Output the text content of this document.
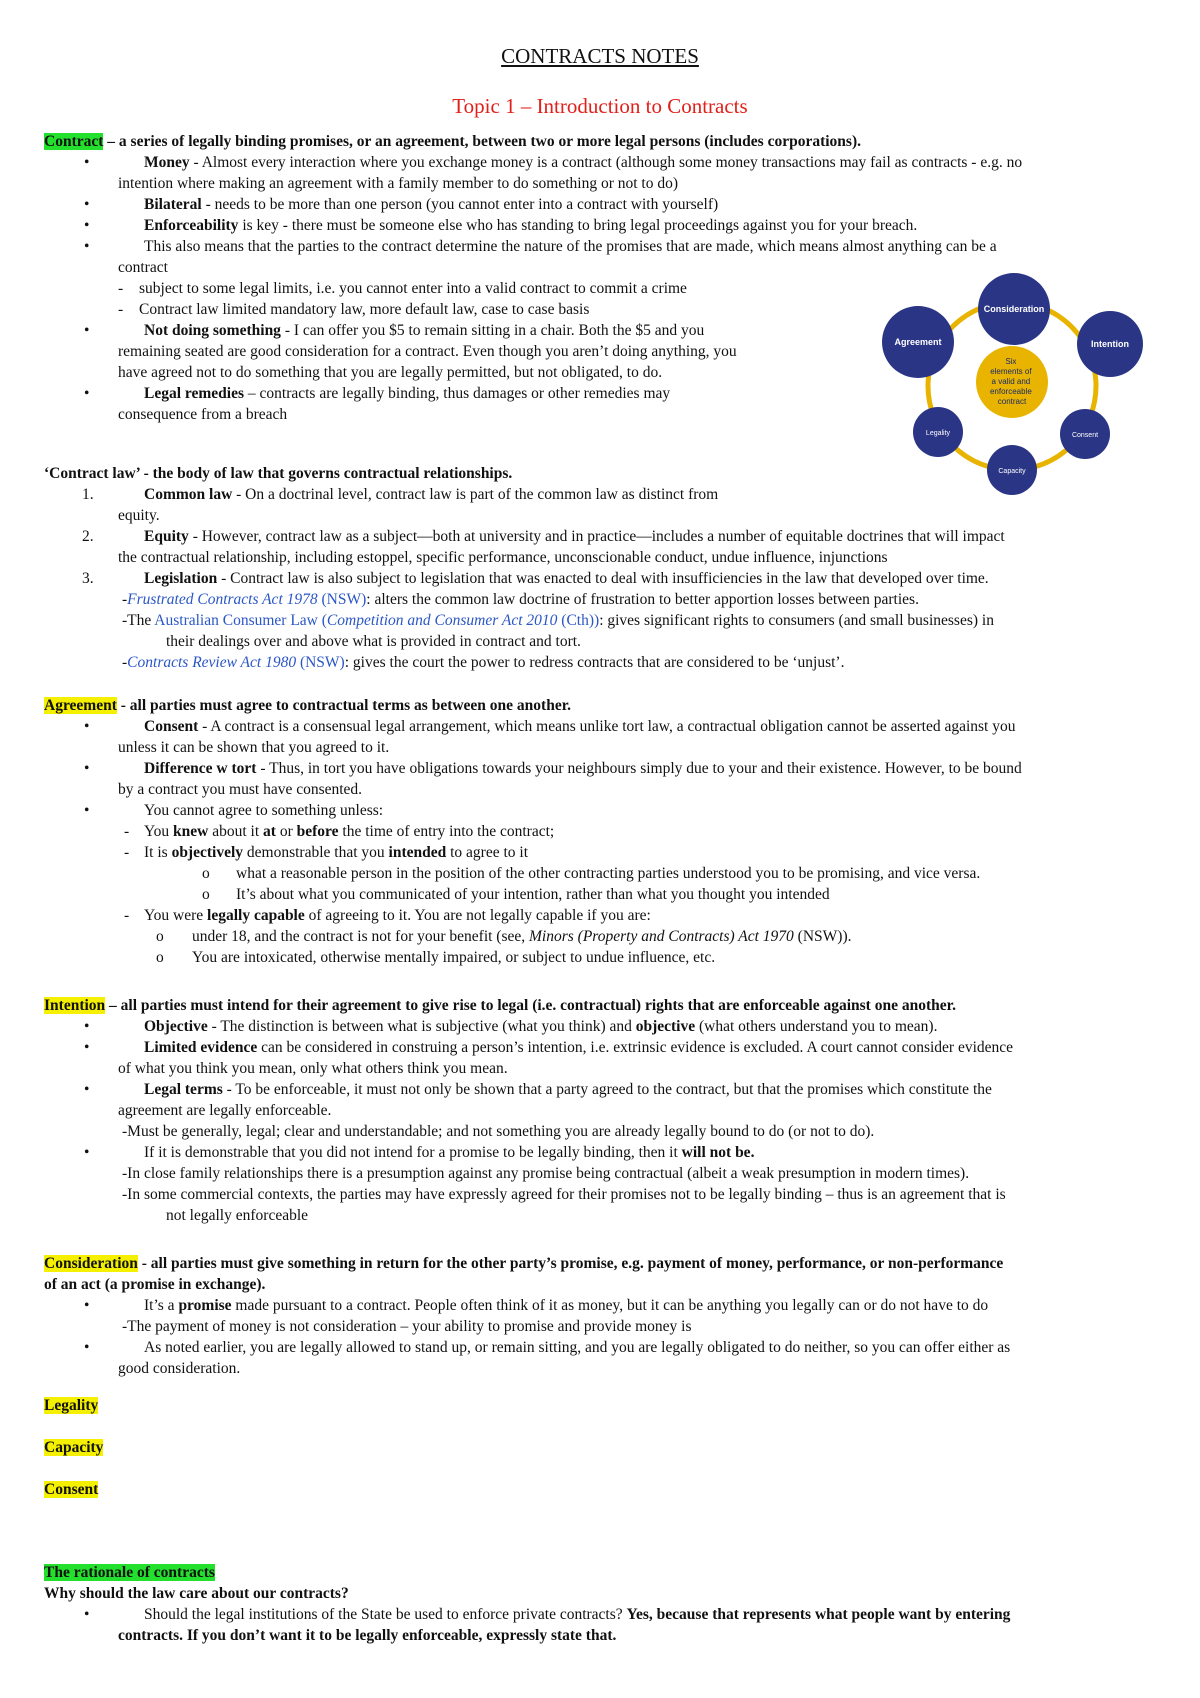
CONTRACTS NOTES
Topic 1 – Introduction to Contracts
Contract – a series of legally binding promises, or an agreement, between two or more legal persons (includes corporations).
•	Money - Almost every interaction where you exchange money is a contract (although some money transactions may fail as contracts - e.g. no
intention where making an agreement with a family member to do something or not to do)
•	Bilateral - needs to be more than one person (you cannot enter into a contract with yourself)
•	Enforceability is key - there must be someone else who has standing to bring legal proceedings against you for your breach.
•	This also means that the parties to the contract determine the nature of the promises that are made, which means almost anything can be a
contract
- subject to some legal limits, i.e. you cannot enter into a valid contract to commit a crime
- Contract law limited mandatory law, more default law, case to case basis
•	Not doing something - I can offer you $5 to remain sitting in a chair. Both the $5 and you
remaining seated are good consideration for a contract. Even though you aren’t doing anything, you
have agreed not to do something that you are legally permitted, but not obligated, to do.
•	Legal remedies – contracts are legally binding, thus damages or other remedies may
consequence from a breach
Six elements of a valid and enforceable contract
Consideration
Intention
Consent
Capacity
Legality
Agreement
‘Contract law’ - the body of law that governs contractual relationships.
1.	Common law - On a doctrinal level, contract law is part of the common law as distinct from
equity.
2.	Equity - However, contract law as a subject—both at university and in practice—includes a number of equitable doctrines that will impact
the contractual relationship, including estoppel, specific performance, unconscionable conduct, undue influence, injunctions
3.	Legislation - Contract law is also subject to legislation that was enacted to deal with insufficiencies in the law that developed over time.
-Frustrated Contracts Act 1978 (NSW): alters the common law doctrine of frustration to better apportion losses between parties.
-The Australian Consumer Law (Competition and Consumer Act 2010 (Cth)): gives significant rights to consumers (and small businesses) in
their dealings over and above what is provided in contract and tort.
-Contracts Review Act 1980 (NSW): gives the court the power to redress contracts that are considered to be ‘unjust’.
Agreement - all parties must agree to contractual terms as between one another.
•	Consent - A contract is a consensual legal arrangement, which means unlike tort law, a contractual obligation cannot be asserted against you
unless it can be shown that you agreed to it.
•	Difference w tort - Thus, in tort you have obligations towards your neighbours simply due to your and their existence. However, to be bound
by a contract you must have consented.
•	You cannot agree to something unless:
- You knew about it at or before the time of entry into the contract;
- It is objectively demonstrable that you intended to agree to it
o what a reasonable person in the position of the other contracting parties understood you to be promising, and vice versa.
o It’s about what you communicated of your intention, rather than what you thought you intended
- You were legally capable of agreeing to it. You are not legally capable if you are:
o under 18, and the contract is not for your benefit (see, Minors (Property and Contracts) Act 1970 (NSW)).
o You are intoxicated, otherwise mentally impaired, or subject to undue influence, etc.
Intention – all parties must intend for their agreement to give rise to legal (i.e. contractual) rights that are enforceable against one another.
•	Objective - The distinction is between what is subjective (what you think) and objective (what others understand you to mean).
•	Limited evidence can be considered in construing a person’s intention, i.e. extrinsic evidence is excluded. A court cannot consider evidence
of what you think you mean, only what others think you mean.
•	Legal terms - To be enforceable, it must not only be shown that a party agreed to the contract, but that the promises which constitute the
agreement are legally enforceable.
-Must be generally, legal; clear and understandable; and not something you are already legally bound to do (or not to do).
•	If it is demonstrable that you did not intend for a promise to be legally binding, then it will not be.
-In close family relationships there is a presumption against any promise being contractual (albeit a weak presumption in modern times).
-In some commercial contexts, the parties may have expressly agreed for their promises not to be legally binding – thus is an agreement that is
not legally enforceable
Consideration - all parties must give something in return for the other party’s promise, e.g. payment of money, performance, or non-performance
of an act (a promise in exchange).
•	It’s a promise made pursuant to a contract. People often think of it as money, but it can be anything you legally can or do not have to do
-The payment of money is not consideration – your ability to promise and provide money is
•	As noted earlier, you are legally allowed to stand up, or remain sitting, and you are legally obligated to do neither, so you can offer either as
good consideration.
Legality
Capacity
Consent
The rationale of contracts
Why should the law care about our contracts?
•	Should the legal institutions of the State be used to enforce private contracts? Yes, because that represents what people want by entering
contracts. If you don’t want it to be legally enforceable, expressly state that.
